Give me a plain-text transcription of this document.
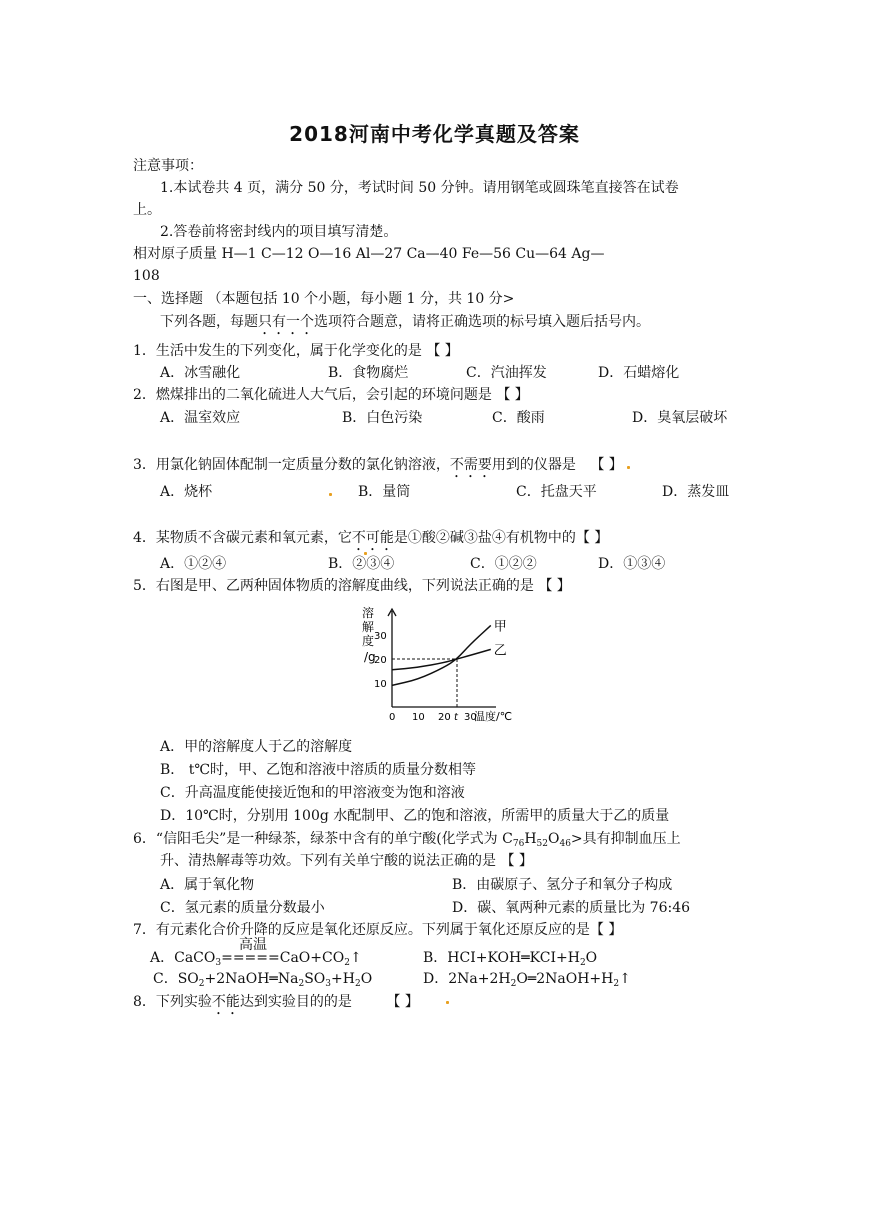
2018河南中考化学真题及答案
注意事项：
1.本试卷共 4 页，满分 50 分，考试时间 50 分钟。请用钢笔或圆珠笔直接答在试卷
上。
2.答卷前将密封线内的项目填写清楚。
相对原子质量 H—1 C—12 O—16 Al—27 Ca—40 Fe—56 Cu—64 Ag—
108
一、选择题 （本题包括 10 个小题，每小题 1 分，共 10 分>
下列各题，每题只有一个选项符合题意，请将正确选项的标号填入题后括号内。
1．生活中发生的下列变化，属于化学变化的是 【 】
A．冰雪融化	B．食物腐烂	C．汽油挥发	D．石蜡熔化
2．燃煤排出的二氧化硫进人大气后，会引起的环境问题是 【 】
A．温室效应	B．白色污染	C．酸雨	D．臭氧层破坏
3．用氯化钠固体配制一定质量分数的氯化钠溶液，不需要用到的仪器是 【 】
A．烧杯	B．量筒	C．托盘天平	D．蒸发皿
4．某物质不含碳元素和氧元素，它不可能是①酸②碱③盐④有机物中的【 】
A．①②④	B．②③④	C．①②②	D．①③④
5．右图是甲、乙两种固体物质的溶解度曲线，下列说法正确的是 【 】
溶
解
度
/g
温度/℃
10
20
30
0 10 20 t 30
甲
乙
A．甲的溶解度人于乙的溶解度
B． t℃时，甲、乙饱和溶液中溶质的质量分数相等
C．升高温度能使接近饱和的甲溶液变为饱和溶液
D．10℃时，分别用 100g 水配制甲、乙的饱和溶液，所需甲的质量大于乙的质量
6．“信阳毛尖”是一种绿茶，绿茶中含有的单宁酸(化学式为 $C_{76}H_{52}O_{46}>$具有抑制血压上
升、清热解毒等功效。下列有关单宁酸的说法正确的是 【 】
A．属于氧化物	B．由碳原子、氢分子和氧分子构成
C．氢元素的质量分数最小	D．碳、氧两种元素的质量比为 76:46
7．有元素化合价升降的反应是氧化还原反应。下列属于氧化还原反应的是【 】
高温
A．$CaCO_3=====CaO+CO_2↑$	B．$HCI+KOH═KCI+H_2O$
C．$SO_2+2NaOH═Na_2SO_3+H_2O$	D．$2Na+2H_2O═2NaOH+H_2↑$
8．下列实验不能达到实验目的的是 【 】
